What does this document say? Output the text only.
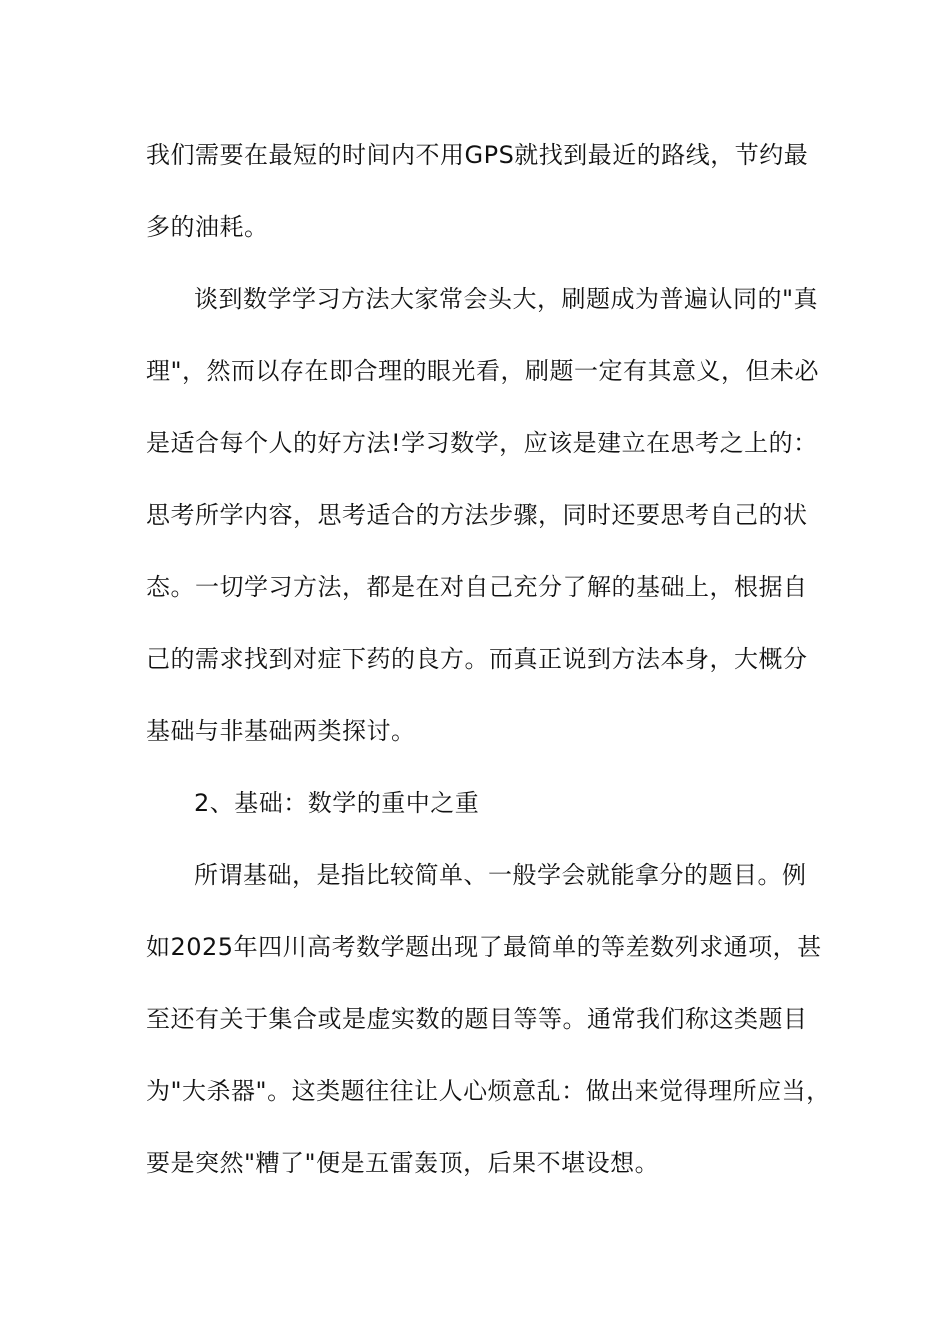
我们需要在最短的时间内不用GPS就找到最近的路线，节约最
多的油耗。
谈到数学学习方法大家常会头大，刷题成为普遍认同的"真
理"，然而以存在即合理的眼光看，刷题一定有其意义，但未必
是适合每个人的好方法!学习数学，应该是建立在思考之上的：
思考所学内容，思考适合的方法步骤，同时还要思考自己的状
态。一切学习方法，都是在对自己充分了解的基础上，根据自
己的需求找到对症下药的良方。而真正说到方法本身，大概分
基础与非基础两类探讨。
2、基础：数学的重中之重
所谓基础，是指比较简单、一般学会就能拿分的题目。例
如2025年四川高考数学题出现了最简单的等差数列求通项，甚
至还有关于集合或是虚实数的题目等等。通常我们称这类题目
为"大杀器"。这类题往往让人心烦意乱：做出来觉得理所应当，
要是突然"糟了"便是五雷轰顶，后果不堪设想。
